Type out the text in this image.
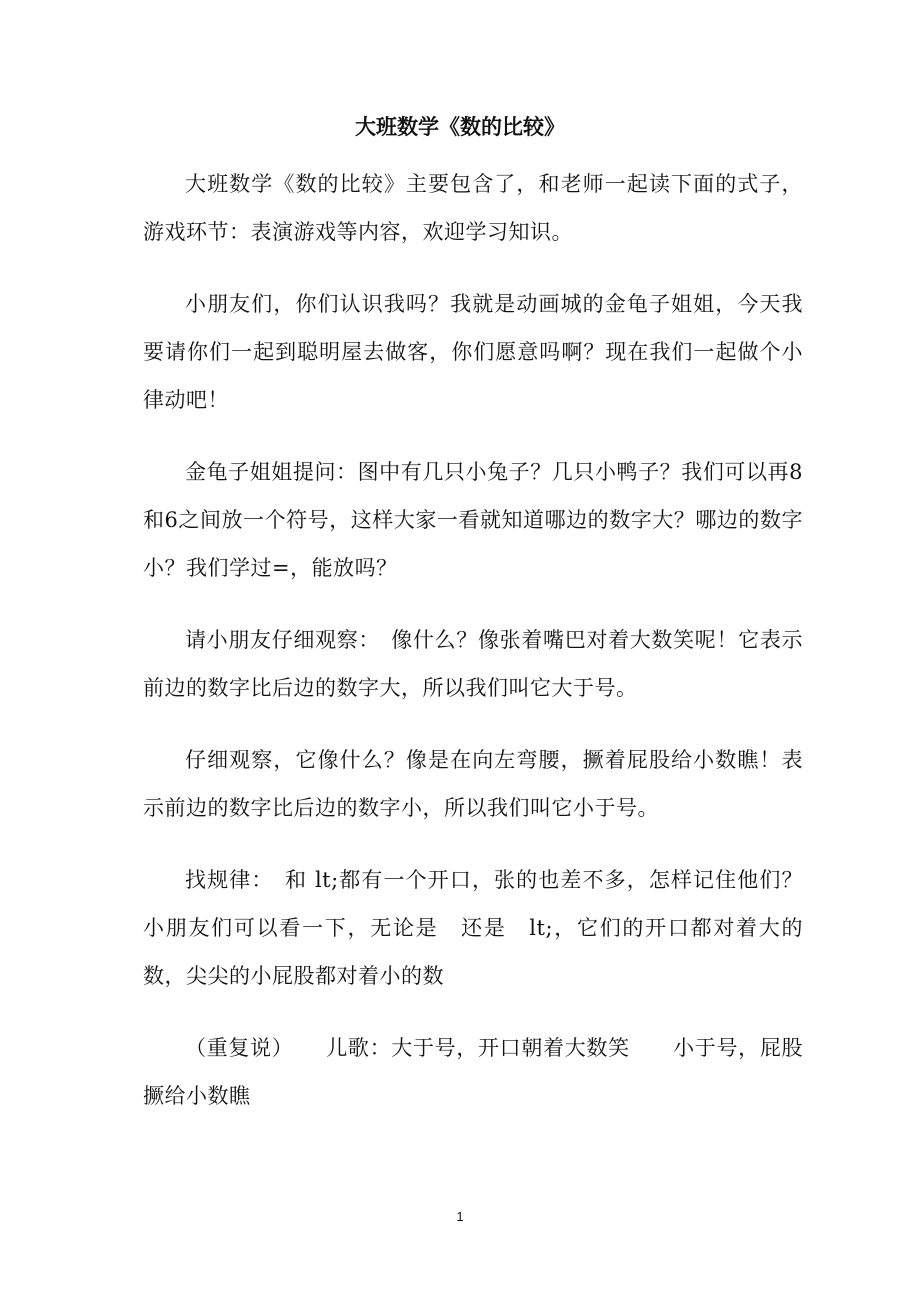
大班数学《数的比较》

大班数学《数的比较》主要包含了，和老师一起读下面的式子，游戏环节：表演游戏等内容，欢迎学习知识。

小朋友们，你们认识我吗？我就是动画城的金龟子姐姐，今天我要请你们一起到聪明屋去做客，你们愿意吗啊？现在我们一起做个小律动吧！

金龟子姐姐提问：图中有几只小兔子？几只小鸭子？我们可以再8和6之间放一个符号，这样大家一看就知道哪边的数字大？哪边的数字小？我们学过=，能放吗？

请小朋友仔细观察：　像什么？像张着嘴巴对着大数笑呢！它表示前边的数字比后边的数字大，所以我们叫它大于号。

仔细观察，它像什么？像是在向左弯腰，撅着屁股给小数瞧！表示前边的数字比后边的数字小，所以我们叫它小于号。

找规律：　和 lt;都有一个开口，张的也差不多，怎样记住他们？小朋友们可以看一下，无论是　还是　lt;，它们的开口都对着大的数，尖尖的小屁股都对着小的数

（重复说）　　儿歌：大于号，开口朝着大数笑　　小于号，屁股撅给小数瞧

1
